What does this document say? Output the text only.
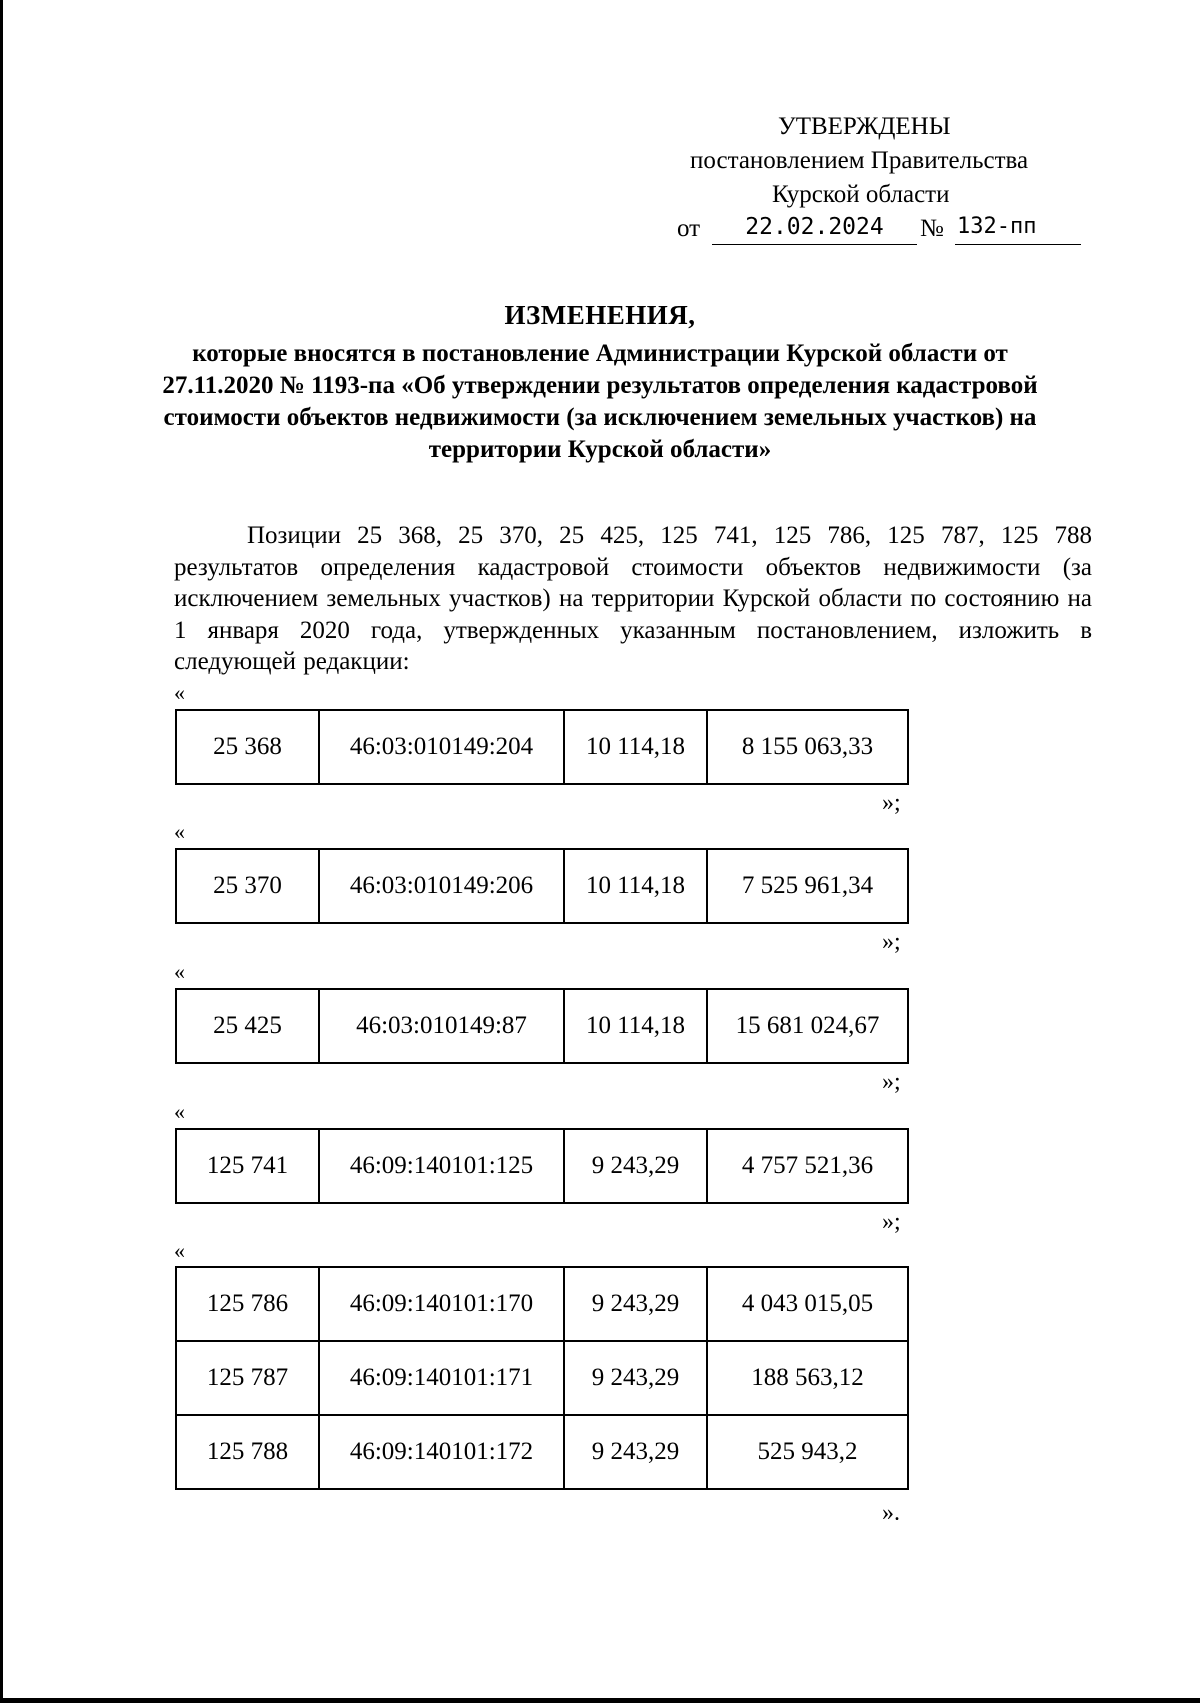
УТВЕРЖДЕНЫ
постановлением Правительства
Курской области
от	22.02.2024	№ 132-пп
ИЗМЕНЕНИЯ,
которые вносятся в постановление Администрации Курской области от 27.11.2020 № 1193-па «Об утверждении результатов определения кадастровой стоимости объектов недвижимости (за исключением земельных участков) на территории Курской области»
Позиции 25 368, 25 370, 25 425, 125 741, 125 786, 125 787, 125 788 результатов определения кадастровой стоимости объектов недвижимости (за исключением земельных участков) на территории Курской области по состоянию на 1 января 2020 года, утвержденных указанным постановлением, изложить в следующей редакции:
«
25 368	46:03:010149:204	10 114,18	8 155 063,33
»;
«
25 370	46:03:010149:206	10 114,18	7 525 961,34
»;
«
25 425	46:03:010149:87	10 114,18	15 681 024,67
»;
«
125 741	46:09:140101:125	9 243,29	4 757 521,36
»;
«
125 786	46:09:140101:170	9 243,29	4 043 015,05
125 787	46:09:140101:171	9 243,29	188 563,12
125 788	46:09:140101:172	9 243,29	525 943,2
».
